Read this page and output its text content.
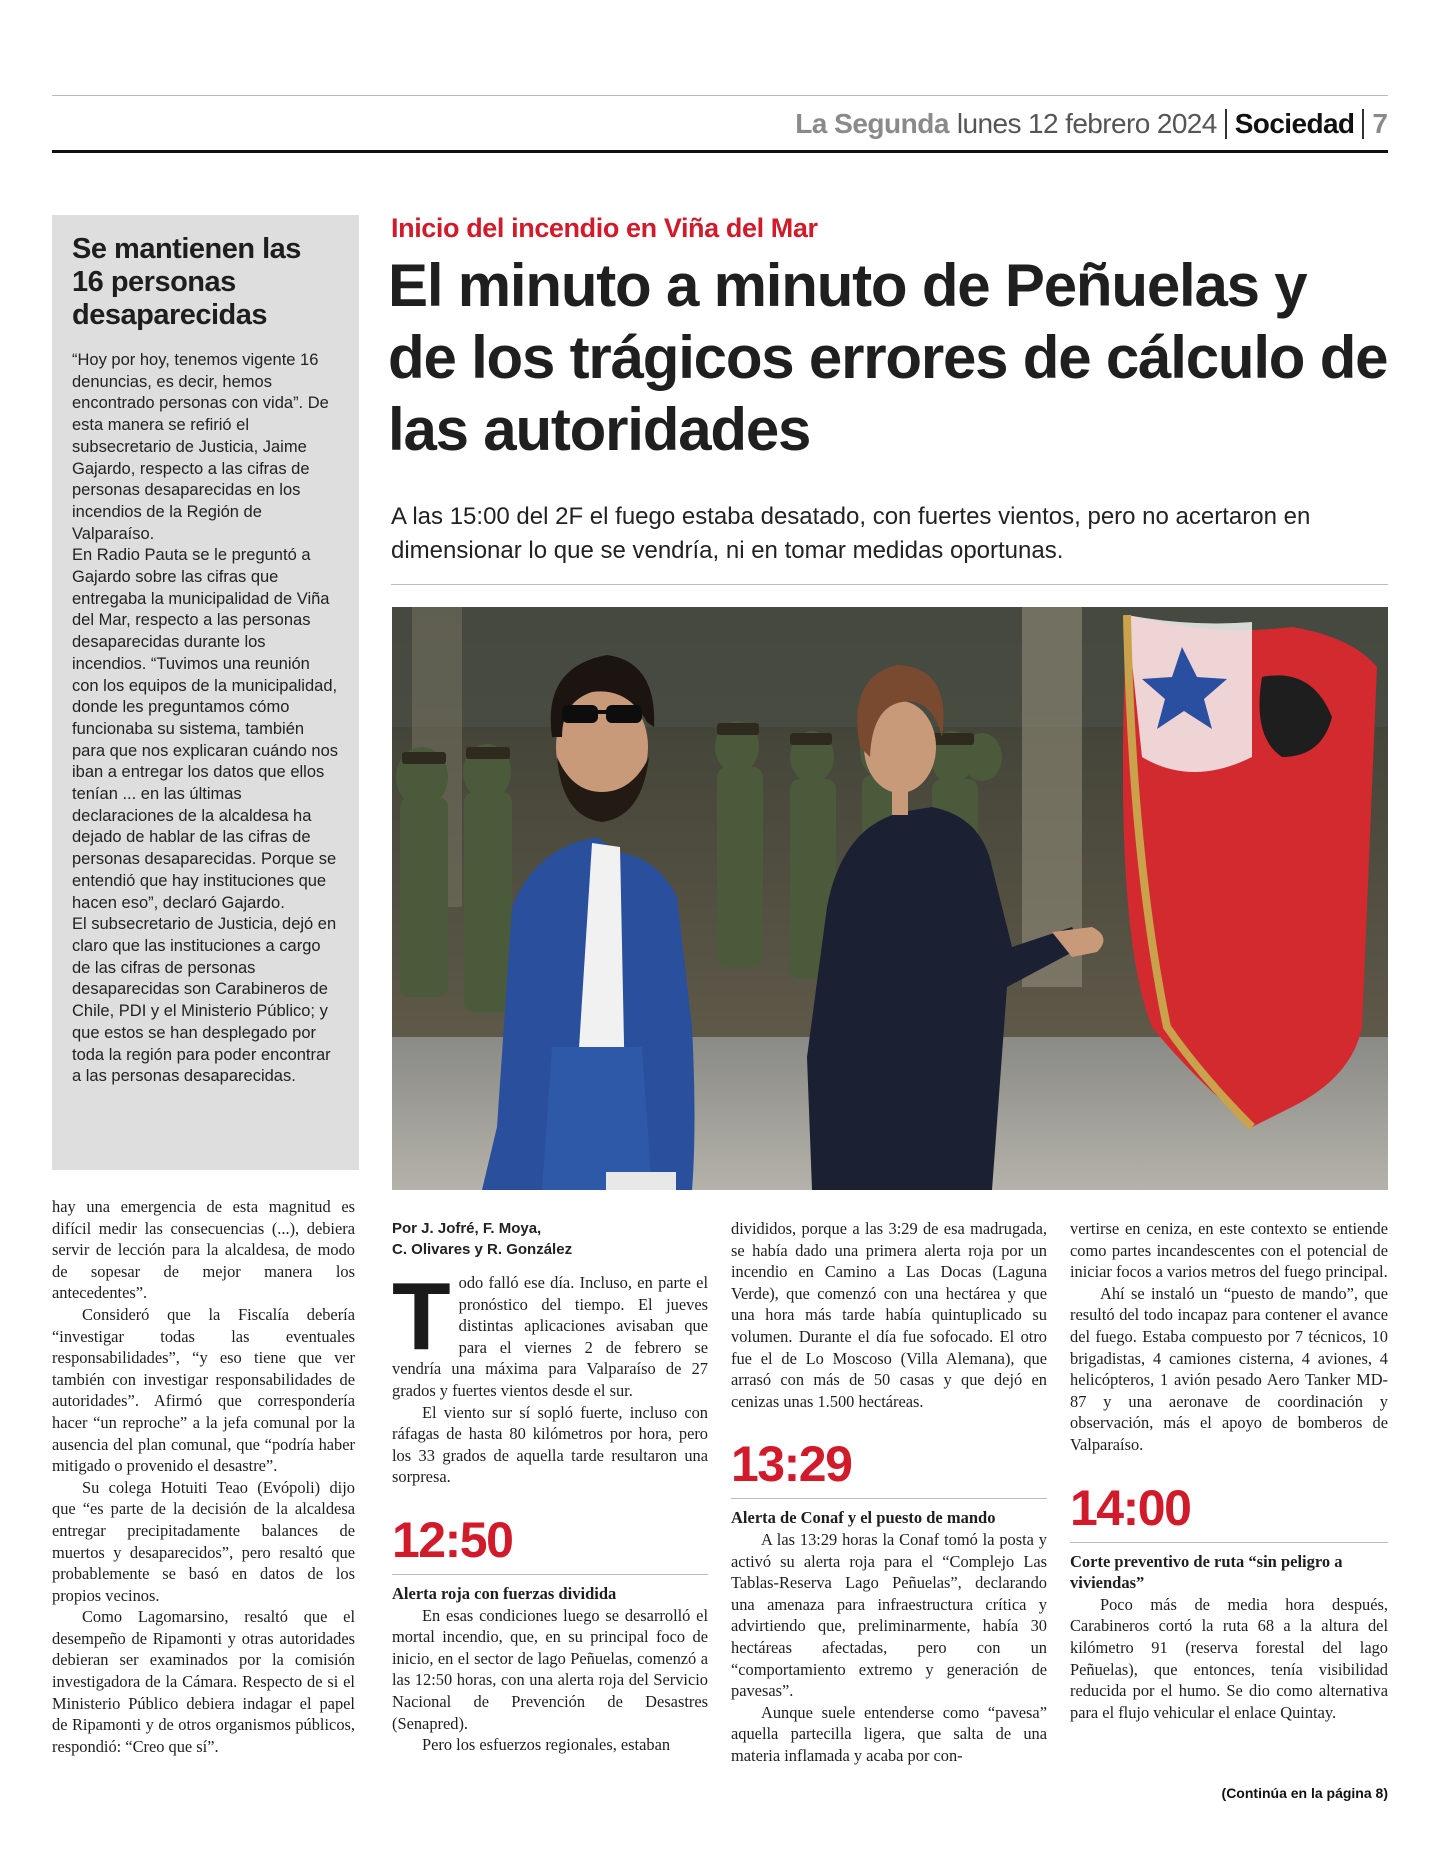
La Segunda lunes 12 febrero 2024 Sociedad 7
Se mantienen las 16 personas desaparecidas

“Hoy por hoy, tenemos vigente 16 denuncias, es decir, hemos encontrado personas con vida”. De esta manera se refirió el subsecretario de Justicia, Jaime Gajardo, respecto a las cifras de personas desaparecidas en los incendios de la Región de Valparaíso.

En Radio Pauta se le preguntó a Gajardo sobre las cifras que entregaba la municipalidad de Viña del Mar, respecto a las personas desaparecidas durante los incendios. “Tuvimos una reunión con los equipos de la municipalidad, donde les preguntamos cómo funcionaba su sistema, también para que nos explicaran cuándo nos iban a entregar los datos que ellos tenían ... en las últimas declaraciones de la alcaldesa ha dejado de hablar de las cifras de personas desaparecidas. Porque se entendió que hay instituciones que hacen eso”, declaró Gajardo.

El subsecretario de Justicia, dejó en claro que las instituciones a cargo de las cifras de personas desaparecidas son Carabineros de Chile, PDI y el Ministerio Público; y que estos se han desplegado por toda la región para poder encontrar a las personas desaparecidas.

Inicio del incendio en Viña del Mar
El minuto a minuto de Peñuelas y de los trágicos errores de cálculo de las autoridades

A las 15:00 del 2F el fuego estaba desatado, con fuertes vientos, pero no acertaron en dimensionar lo que se vendría, ni en tomar medidas oportunas.

hay una emergencia de esta magnitud es difícil medir las consecuencias (...), debiera servir de lección para la alcaldesa, de modo de sopesar de mejor manera los antecedentes”.

Consideró que la Fiscalía debería “investigar todas las eventuales responsabilidades”, “y eso tiene que ver también con investigar responsabilidades de autoridades”. Afirmó que correspondería hacer “un reproche” a la jefa comunal por la ausencia del plan comunal, que “podría haber mitigado o provenido el desastre”.

Su colega Hotuiti Teao (Evópoli) dijo que “es parte de la decisión de la alcaldesa entregar precipitadamente balances de muertos y desaparecidos”, pero resaltó que probablemente se basó en datos de los propios vecinos.

Como Lagomarsino, resaltó que el desempeño de Ripamonti y otras autoridades debieran ser examinados por la comisión investigadora de la Cámara. Respecto de si el Ministerio Público debiera indagar el papel de Ripamonti y de otros organismos públicos, respondió: “Creo que sí”.

Por J. Jofré, F. Moya,
C. Olivares y R. González

Todo falló ese día. Incluso, en parte el pronóstico del tiempo. El jueves distintas aplicaciones avisaban que para el viernes 2 de febrero se vendría una máxima para Valparaíso de 27 grados y fuertes vientos desde el sur.

El viento sur sí sopló fuerte, incluso con ráfagas de hasta 80 kilómetros por hora, pero los 33 grados de aquella tarde resultaron una sorpresa.

12:50

Alerta roja con fuerzas dividida

En esas condiciones luego se desarrolló el mortal incendio, que, en su principal foco de inicio, en el sector de lago Peñuelas, comenzó a las 12:50 horas, con una alerta roja del Servicio Nacional de Prevención de Desastres (Senapred).

Pero los esfuerzos regionales, estaban

divididos, porque a las 3:29 de esa madrugada, se había dado una primera alerta roja por un incendio en Camino a Las Docas (Laguna Verde), que comenzó con una hectárea y que una hora más tarde había quintuplicado su volumen. Durante el día fue sofocado. El otro fue el de Lo Moscoso (Villa Alemana), que arrasó con más de 50 casas y que dejó en cenizas unas 1.500 hectáreas.

13:29

Alerta de Conaf y el puesto de mando

A las 13:29 horas la Conaf tomó la posta y activó su alerta roja para el “Complejo Las Tablas-Reserva Lago Peñuelas”, declarando una amenaza para infraestructura crítica y advirtiendo que, preliminarmente, había 30 hectáreas afectadas, pero con un “comportamiento extremo y generación de pavesas”.

Aunque suele entenderse como “pavesa” aquella partecilla ligera, que salta de una materia inflamada y acaba por con-

vertirse en ceniza, en este contexto se entiende como partes incandescentes con el potencial de iniciar focos a varios metros del fuego principal.

Ahí se instaló un “puesto de mando”, que resultó del todo incapaz para contener el avance del fuego. Estaba compuesto por 7 técnicos, 10 brigadistas, 4 camiones cisterna, 4 aviones, 4 helicópteros, 1 avión pesado Aero Tanker MD-87 y una aeronave de coordinación y observación, más el apoyo de bomberos de Valparaíso.

14:00

Corte preventivo de ruta “sin peligro a viviendas”

Poco más de media hora después, Carabineros cortó la ruta 68 a la altura del kilómetro 91 (reserva forestal del lago Peñuelas), que entonces, tenía visibilidad reducida por el humo. Se dio como alternativa para el flujo vehicular el enlace Quintay.

(Continúa en la página 8)
